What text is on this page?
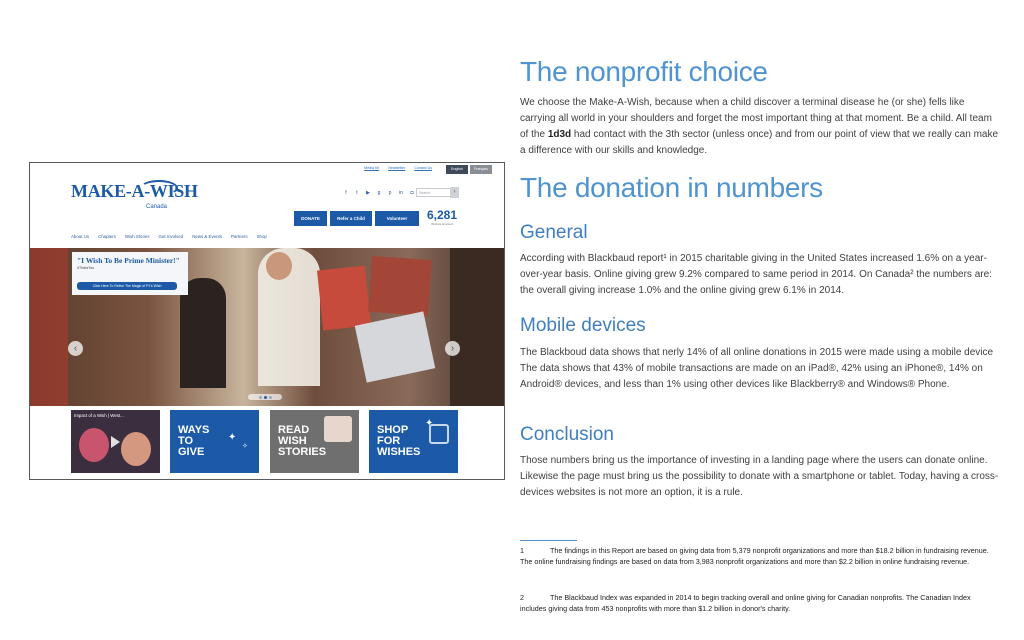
Media Kit	Newsletter	Contact Us	English	Français
MAKE-A-WISH
Canada
f	t	▶	g	p	in ◘	Search	›
DONATE	Refer a Child	Volunteer	6,281
Wishes Granted
About Us Chapters Wish Stories Get Involved News & Events Partners Shop
"I Wish To Be Prime Minister!"
#ThisIsYou
Click Here To Relive The Magic of PJ's Wish
‹	›
Impact of a Wish | West...
WAYS
TO
GIVE
✦
✧
READ
WISH
STORIES
SHOP
FOR
WISHES
✦
The nonprofit choice
We choose the Make-A-Wish, because when a child discover a terminal disease he (or she) fells like carrying all world in your shoulders and forget the most important thing at that moment. Be a child. All team of the 1d3d had contact with the 3th sector (unless once) and from our point of view that we really can make a difference with our skills and knowledge.
The donation in numbers
General
According with Blackbaud report¹ in 2015 charitable giving in the United States increased 1.6% on a year-over-year basis. Online giving grew 9.2% compared to same period in 2014. On Canada² the numbers are: the overall giving increase 1.0% and the online giving grew 6.1% in 2014.
Mobile devices
The Blackboud data shows that nerly 14% of all online donations in 2015 were made using a mobile device The data shows that 43% of mobile transactions are made on an iPad®, 42% using an iPhone®, 14% on Android® devices, and less than 1% using other devices like Blackberry® and Windows® Phone.
Conclusion
Those numbers bring us the importance of investing in a landing page where the users can donate online. Likewise the page must bring us the possibility to donate with a smartphone or tablet. Today, having a cross-devices websites is not more an option, it is a rule.
1	The findings in this Report are based on giving data from 5,379 nonprofit organizations and more than $18.2 billion in fundraising revenue. The online fundraising findings are based on data from 3,983 nonprofit organizations and more than $2.2 billion in online fundraising revenue.
2	The Blackbaud Index was expanded in 2014 to begin tracking overall and online giving for Canadian nonprofits. The Canadian Index includes giving data from 453 nonprofits with more than $1.2 billion in donor's charity.
